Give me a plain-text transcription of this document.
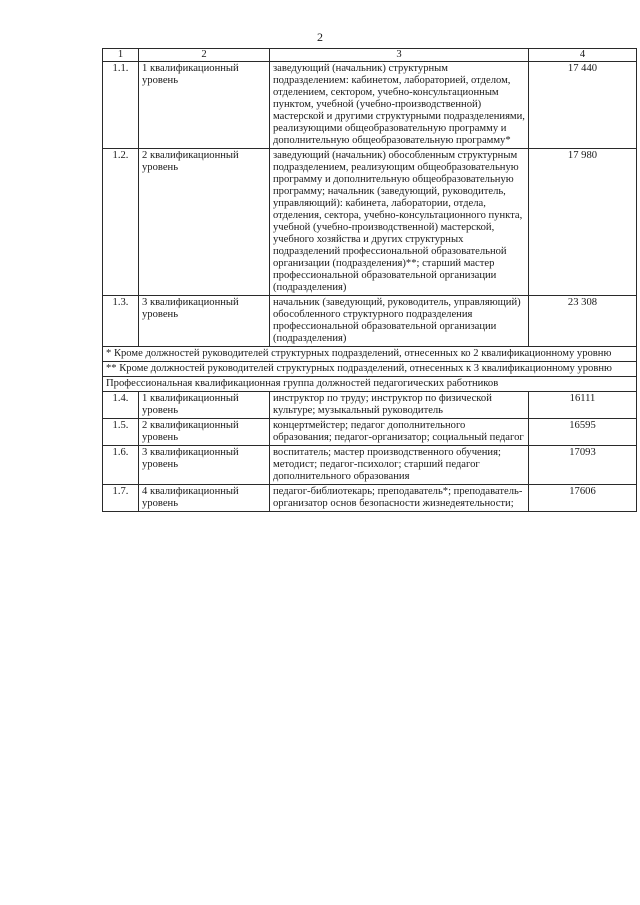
2
1	2	3	4
1.1.	1 квалификационный уровень	заведующий (начальник) структурным подразделением: кабинетом, лабораторией, отделом, отделением, сектором, учебно-консультационным пунктом, учебной (учебно-производственной) мастерской и другими структурными подразделениями, реализующими общеобразовательную программу и дополнительную общеобразовательную программу*	17 440
1.2.	2 квалификационный уровень	заведующий (начальник) обособленным структурным подразделением, реализующим общеобразовательную программу и дополнительную общеобразовательную программу; начальник (заведующий, руководитель, управляющий): кабинета, лаборатории, отдела, отделения, сектора, учебно-консультационного пункта, учебной (учебно-производственной) мастерской, учебного хозяйства и других структурных подразделений профессиональной образовательной организации (подразделения)**; старший мастер профессиональной образовательной организации (подразделения)	17 980
1.3.	3 квалификационный уровень	начальник (заведующий, руководитель, управляющий) обособленного структурного подразделения профессиональной образовательной организации (подразделения)	23 308
* Кроме должностей руководителей структурных подразделений, отнесенных ко 2 квалификационному уровню			
** Кроме должностей руководителей структурных подразделений, отнесенных к 3 квалификационному уровню			
Профессиональная квалификационная группа должностей педагогических работников			
1.4.	1 квалификационный уровень	инструктор по труду; инструктор по физической культуре; музыкальный руководитель	16111
1.5.	2 квалификационный уровень	концертмейстер; педагог дополнительного образования; педагог-организатор; социальный педагог	16595
1.6.	3 квалификационный уровень	воспитатель; мастер производственного обучения; методист; педагог-психолог; старший педагог дополнительного образования	17093
1.7.	4 квалификационный уровень	педагог-библиотекарь; преподаватель*; преподаватель-организатор основ безопасности жизнедеятельности;	17606
